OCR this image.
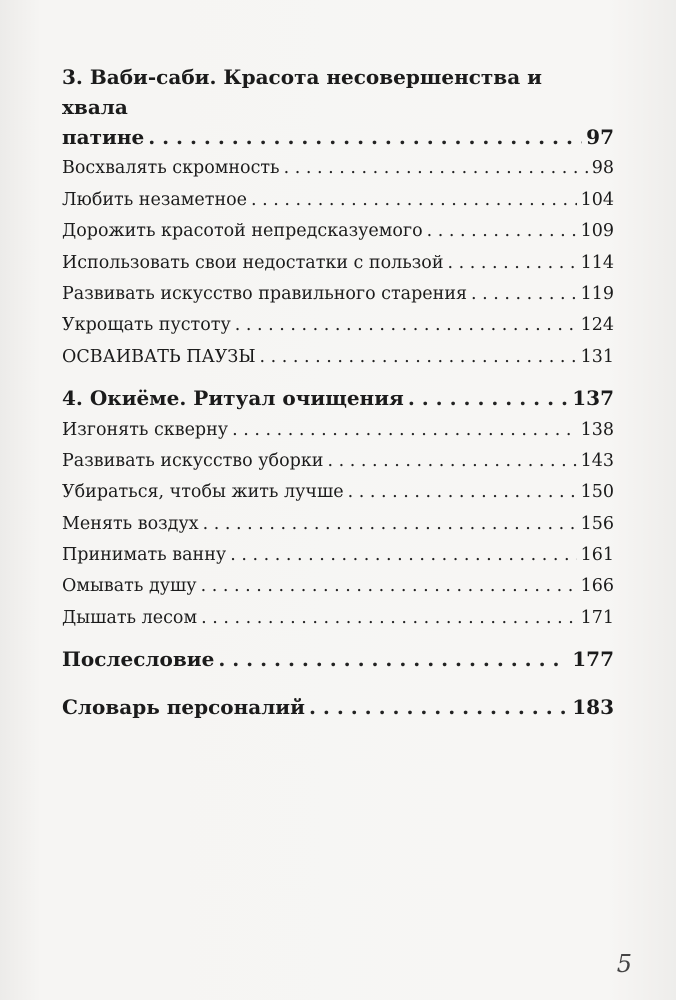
3. Ваби-саби. Красота несовершенства и хвала
патине . . .	97
Восхвалять скромность . . .	98
Любить незаметное . . .	104
Дорожить красотой непредсказуемого . . .	109
Использовать свои недостатки с пользой . . .	114
Развивать искусство правильного старения . . .	119
Укрощать пустоту . . .	124
ОСВАИВАТЬ ПАУЗЫ . . .	131
4. Окиёме. Ритуал очищения . . .	137
Изгонять скверну . . .	138
Развивать искусство уборки . . .	143
Убираться, чтобы жить лучше . . .	150
Менять воздух . . .	156
Принимать ванну . . .	161
Омывать душу . . .	166
Дышать лесом . . .	171
Послесловие . . .	177
Словарь персоналий . . .	183
5
